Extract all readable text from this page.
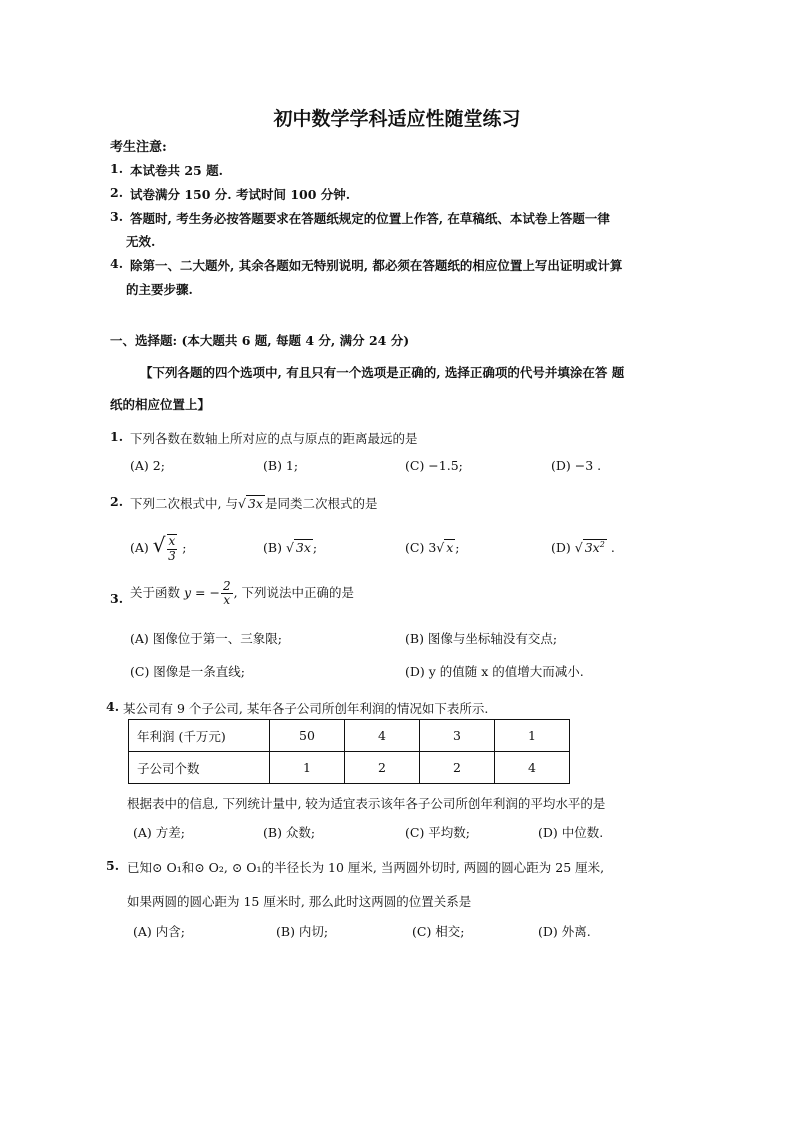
初中数学学科适应性随堂练习
考生注意:
1. 本试卷共 25 题.
2. 试卷满分 150 分. 考试时间 100 分钟.
3. 答题时, 考生务必按答题要求在答题纸规定的位置上作答, 在草稿纸、本试卷上答题一律
无效.
4. 除第一、二大题外, 其余各题如无特别说明, 都必须在答题纸的相应位置上写出证明或计算
的主要步骤.
一、选择题: (本大题共 6 题, 每题 4 分, 满分 24 分)
【下列各题的四个选项中, 有且只有一个选项是正确的, 选择正确项的代号并填涂在答 题
纸的相应位置上】
1. 下列各数在数轴上所对应的点与原点的距离最远的是
(A) 2;	(B) 1;	(C) −1.5;	(D) −3 .
2. 下列二次根式中, 与√ 3x 是同类二次根式的是
(A) √ $\frac{x}{3}$ ;	(B) √ 3x ;	(C) 3√ x ;	(D) √ $3x^2$ .
3. 关于函数 y = − $\frac{2}{x}$ , 下列说法中正确的是
(A) 图像位于第一、三象限;	(B) 图像与坐标轴没有交点;
(C) 图像是一条直线;	(D) y 的值随 x 的值增大而减小.
4. 某公司有 9 个子公司, 某年各子公司所创年利润的情况如下表所示.
年利润 (千万元)	50	4	3	1
子公司个数	1	2	2	4
根据表中的信息, 下列统计量中, 较为适宜表示该年各子公司所创年利润的平均水平的是
(A) 方差;	(B) 众数;	(C) 平均数;	(D) 中位数.
5. 已知⊙ O₁和⊙ O₂, ⊙ O₁的半径长为 10 厘米, 当两圆外切时, 两圆的圆心距为 25 厘米,
如果两圆的圆心距为 15 厘米时, 那么此时这两圆的位置关系是
(A) 内含;	(B) 内切;	(C) 相交;	(D) 外离.
